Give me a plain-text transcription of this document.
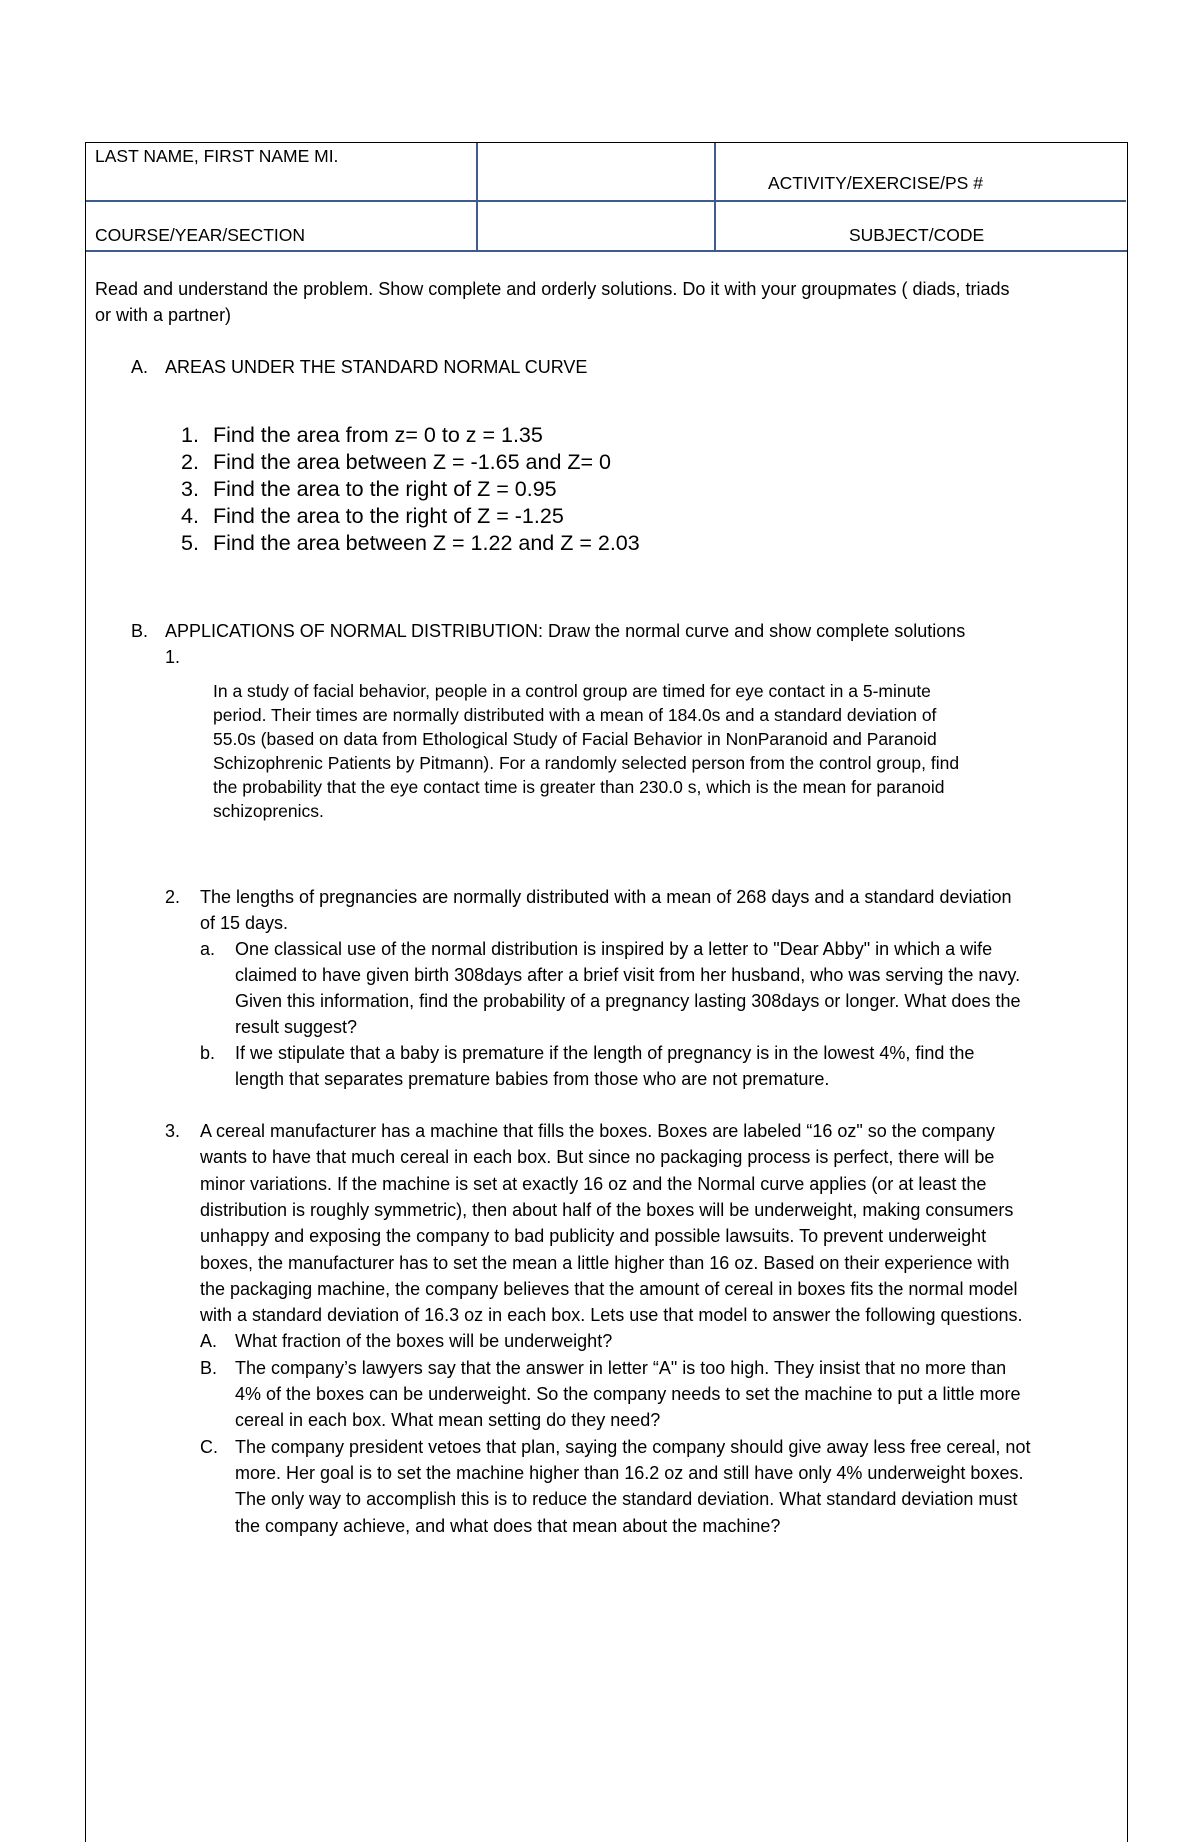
LAST NAME, FIRST NAME MI.
ACTIVITY/EXERCISE/PS #
COURSE/YEAR/SECTION	SUBJECT/CODE
Read and understand the problem. Show complete and orderly solutions. Do it with your groupmates ( diads, triads
or with a partner)
A. AREAS UNDER THE STANDARD NORMAL CURVE
1. Find the area from z= 0 to z = 1.35
2. Find the area between Z = -1.65 and Z= 0
3. Find the area to the right of Z = 0.95
4. Find the area to the right of Z = -1.25
5. Find the area between Z = 1.22 and Z = 2.03
B. APPLICATIONS OF NORMAL DISTRIBUTION: Draw the normal curve and show complete solutions
1.
In a study of facial behavior, people in a control group are timed for eye contact in a 5-minute
period. Their times are normally distributed with a mean of 184.0s and a standard deviation of
55.0s (based on data from Ethological Study of Facial Behavior in NonParanoid and Paranoid
Schizophrenic Patients by Pitmann). For a randomly selected person from the control group, find
the probability that the eye contact time is greater than 230.0 s, which is the mean for paranoid
schizoprenics.
2. The lengths of pregnancies are normally distributed with a mean of 268 days and a standard deviation
of 15 days.
a. One classical use of the normal distribution is inspired by a letter to "Dear Abby" in which a wife
claimed to have given birth 308days after a brief visit from her husband, who was serving the navy.
Given this information, find the probability of a pregnancy lasting 308days or longer. What does the
result suggest?
b. If we stipulate that a baby is premature if the length of pregnancy is in the lowest 4%, find the
length that separates premature babies from those who are not premature.
3. A cereal manufacturer has a machine that fills the boxes. Boxes are labeled “16 oz" so the company
wants to have that much cereal in each box. But since no packaging process is perfect, there will be
minor variations. If the machine is set at exactly 16 oz and the Normal curve applies (or at least the
distribution is roughly symmetric), then about half of the boxes will be underweight, making consumers
unhappy and exposing the company to bad publicity and possible lawsuits. To prevent underweight
boxes, the manufacturer has to set the mean a little higher than 16 oz. Based on their experience with
the packaging machine, the company believes that the amount of cereal in boxes fits the normal model
with a standard deviation of 16.3 oz in each box. Lets use that model to answer the following questions.
A. What fraction of the boxes will be underweight?
B. The company’s lawyers say that the answer in letter “A" is too high. They insist that no more than
4% of the boxes can be underweight. So the company needs to set the machine to put a little more
cereal in each box. What mean setting do they need?
C. The company president vetoes that plan, saying the company should give away less free cereal, not
more. Her goal is to set the machine higher than 16.2 oz and still have only 4% underweight boxes.
The only way to accomplish this is to reduce the standard deviation. What standard deviation must
the company achieve, and what does that mean about the machine?
